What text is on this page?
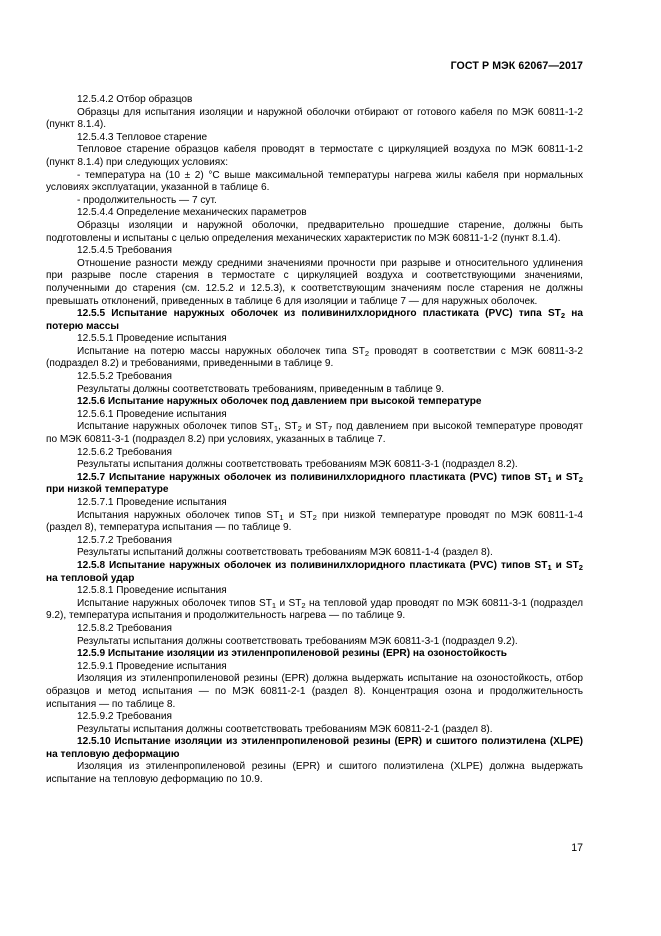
ГОСТ Р МЭК 62067—2017

12.5.4.2 Отбор образцов

Образцы для испытания изоляции и наружной оболочки отбирают от готового кабеля по МЭК 60811-1-2 (пункт 8.1.4).

12.5.4.3 Тепловое старение

Тепловое старение образцов кабеля проводят в термостате с циркуляцией воздуха по МЭК 60811-1-2 (пункт 8.1.4) при следующих условиях:

- температура на (10 ± 2) °С выше максимальной температуры нагрева жилы кабеля при нормальных условиях эксплуатации, указанной в таблице 6.

- продолжительность — 7 сут.

12.5.4.4 Определение механических параметров

Образцы изоляции и наружной оболочки, предварительно прошедшие старение, должны быть подготовлены и испытаны с целью определения механических характеристик по МЭК 60811-1-2 (пункт 8.1.4).

12.5.4.5 Требования

Отношение разности между средними значениями прочности при разрыве и относительного удлинения при разрыве после старения в термостате с циркуляцией воздуха и соответствующими значениями, полученными до старения (см. 12.5.2 и 12.5.3), к соответствующим значениям после старения не должны превышать отклонений, приведенных в таблице 6 для изоляции и таблице 7 — для наружных оболочек.

12.5.5 Испытание наружных оболочек из поливинилхлоридного пластиката (PVC) типа $ST_2$ на потерю массы

12.5.5.1 Проведение испытания

Испытание на потерю массы наружных оболочек типа $ST_2$ проводят в соответствии с МЭК 60811-3-2 (подраздел 8.2) и требованиями, приведенными в таблице 9.

12.5.5.2 Требования

Результаты должны соответствовать требованиям, приведенным в таблице 9.

12.5.6 Испытание наружных оболочек под давлением при высокой температуре

12.5.6.1 Проведение испытания

Испытание наружных оболочек типов $ST_1$, $ST_2$ и $ST_7$ под давлением при высокой температуре проводят по МЭК 60811-3-1 (подраздел 8.2) при условиях, указанных в таблице 7.

12.5.6.2 Требования

Результаты испытания должны соответствовать требованиям МЭК 60811-3-1 (подраздел 8.2).

12.5.7 Испытание наружных оболочек из поливинилхлоридного пластиката (PVC) типов $ST_1$ и $ST_2$ при низкой температуре

12.5.7.1 Проведение испытания

Испытания наружных оболочек типов $ST_1$ и $ST_2$ при низкой температуре проводят по МЭК 60811-1-4 (раздел 8), температура испытания — по таблице 9.

12.5.7.2 Требования

Результаты испытаний должны соответствовать требованиям МЭК 60811-1-4 (раздел 8).

12.5.8 Испытание наружных оболочек из поливинилхлоридного пластиката (PVC) типов $ST_1$ и $ST_2$ на тепловой удар

12.5.8.1 Проведение испытания

Испытание наружных оболочек типов $ST_1$ и $ST_2$ на тепловой удар проводят по МЭК 60811-3-1 (подраздел 9.2), температура испытания и продолжительность нагрева — по таблице 9.

12.5.8.2 Требования

Результаты испытания должны соответствовать требованиям МЭК 60811-3-1 (подраздел 9.2).

12.5.9 Испытание изоляции из этиленпропиленовой резины (EPR) на озоностойкость

12.5.9.1 Проведение испытания

Изоляция из этиленпропиленовой резины (EPR) должна выдержать испытание на озоностойкость, отбор образцов и метод испытания — по МЭК 60811-2-1 (раздел 8). Концентрация озона и продолжительность испытания — по таблице 8.

12.5.9.2 Требования

Результаты испытания должны соответствовать требованиям МЭК 60811-2-1 (раздел 8).

12.5.10 Испытание изоляции из этиленпропиленовой резины (EPR) и сшитого полиэтилена (XLPE) на тепловую деформацию

Изоляция из этиленпропиленовой резины (EPR) и сшитого полиэтилена (XLPE) должна выдержать испытание на тепловую деформацию по 10.9.

17
